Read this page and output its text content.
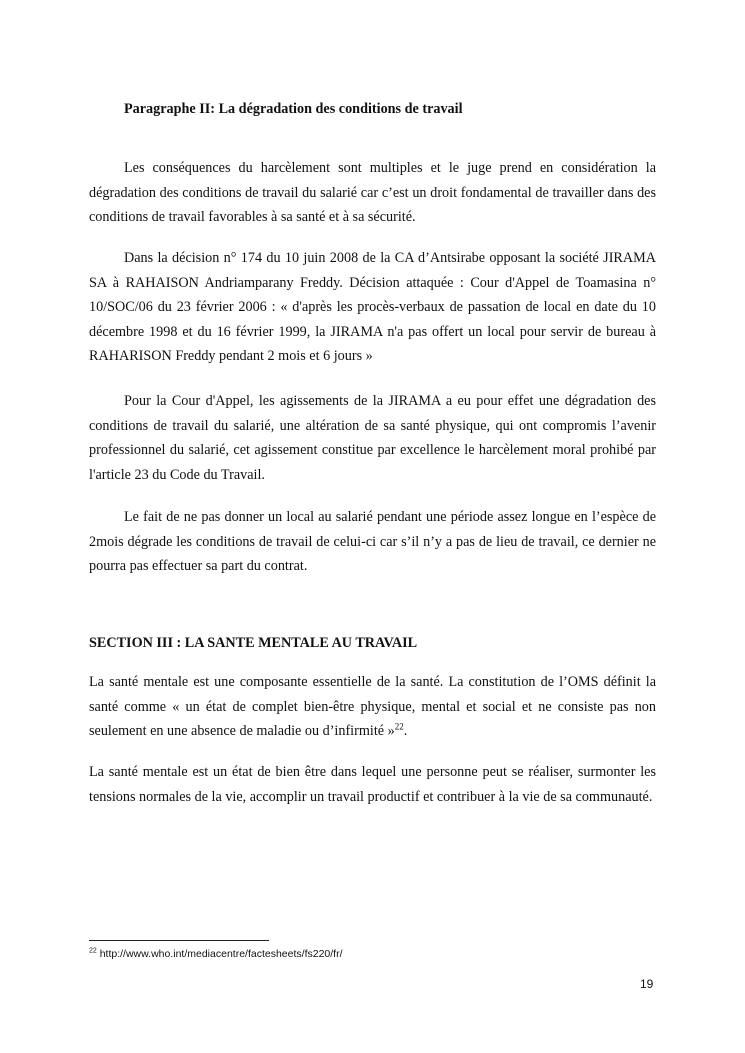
Paragraphe II: La dégradation des conditions de travail

Les conséquences du harcèlement sont multiples et le juge prend en considération la dégradation des conditions de travail du salarié car c’est un droit fondamental de travailler dans des conditions de travail favorables à sa santé et à sa sécurité.

Dans la décision n° 174 du 10 juin 2008 de la CA d’Antsirabe opposant la société JIRAMA SA à RAHAISON Andriamparany Freddy. Décision attaquée : Cour d'Appel de Toamasina n° 10/SOC/06 du 23 février 2006 : « d'après les procès-verbaux de passation de local en date du 10 décembre 1998 et du 16 février 1999, la JIRAMA n'a pas offert un local pour servir de bureau à RAHARISON Freddy pendant 2 mois et 6 jours »

Pour la Cour d'Appel, les agissements de la JIRAMA a eu pour effet une dégradation des conditions de travail du salarié, une altération de sa santé physique, qui ont compromis l’avenir professionnel du salarié, cet agissement constitue par excellence le harcèlement moral prohibé par l'article 23 du Code du Travail.

Le fait de ne pas donner un local au salarié pendant une période assez longue en l’espèce de 2mois dégrade les conditions de travail de celui-ci car s’il n’y a pas de lieu de travail, ce dernier ne pourra pas effectuer sa part du contrat.

SECTION III : LA SANTE MENTALE AU TRAVAIL

La santé mentale est une composante essentielle de la santé. La constitution de l’OMS définit la santé comme « un état de complet bien-être physique, mental et social et ne consiste pas non seulement en une absence de maladie ou d’infirmité »$^{22}$.

La santé mentale est un état de bien être dans lequel une personne peut se réaliser, surmonter les tensions normales de la vie, accomplir un travail productif et contribuer à la vie de sa communauté.

$^{22}$ http://www.who.int/mediacentre/factesheets/fs220/fr/
19
